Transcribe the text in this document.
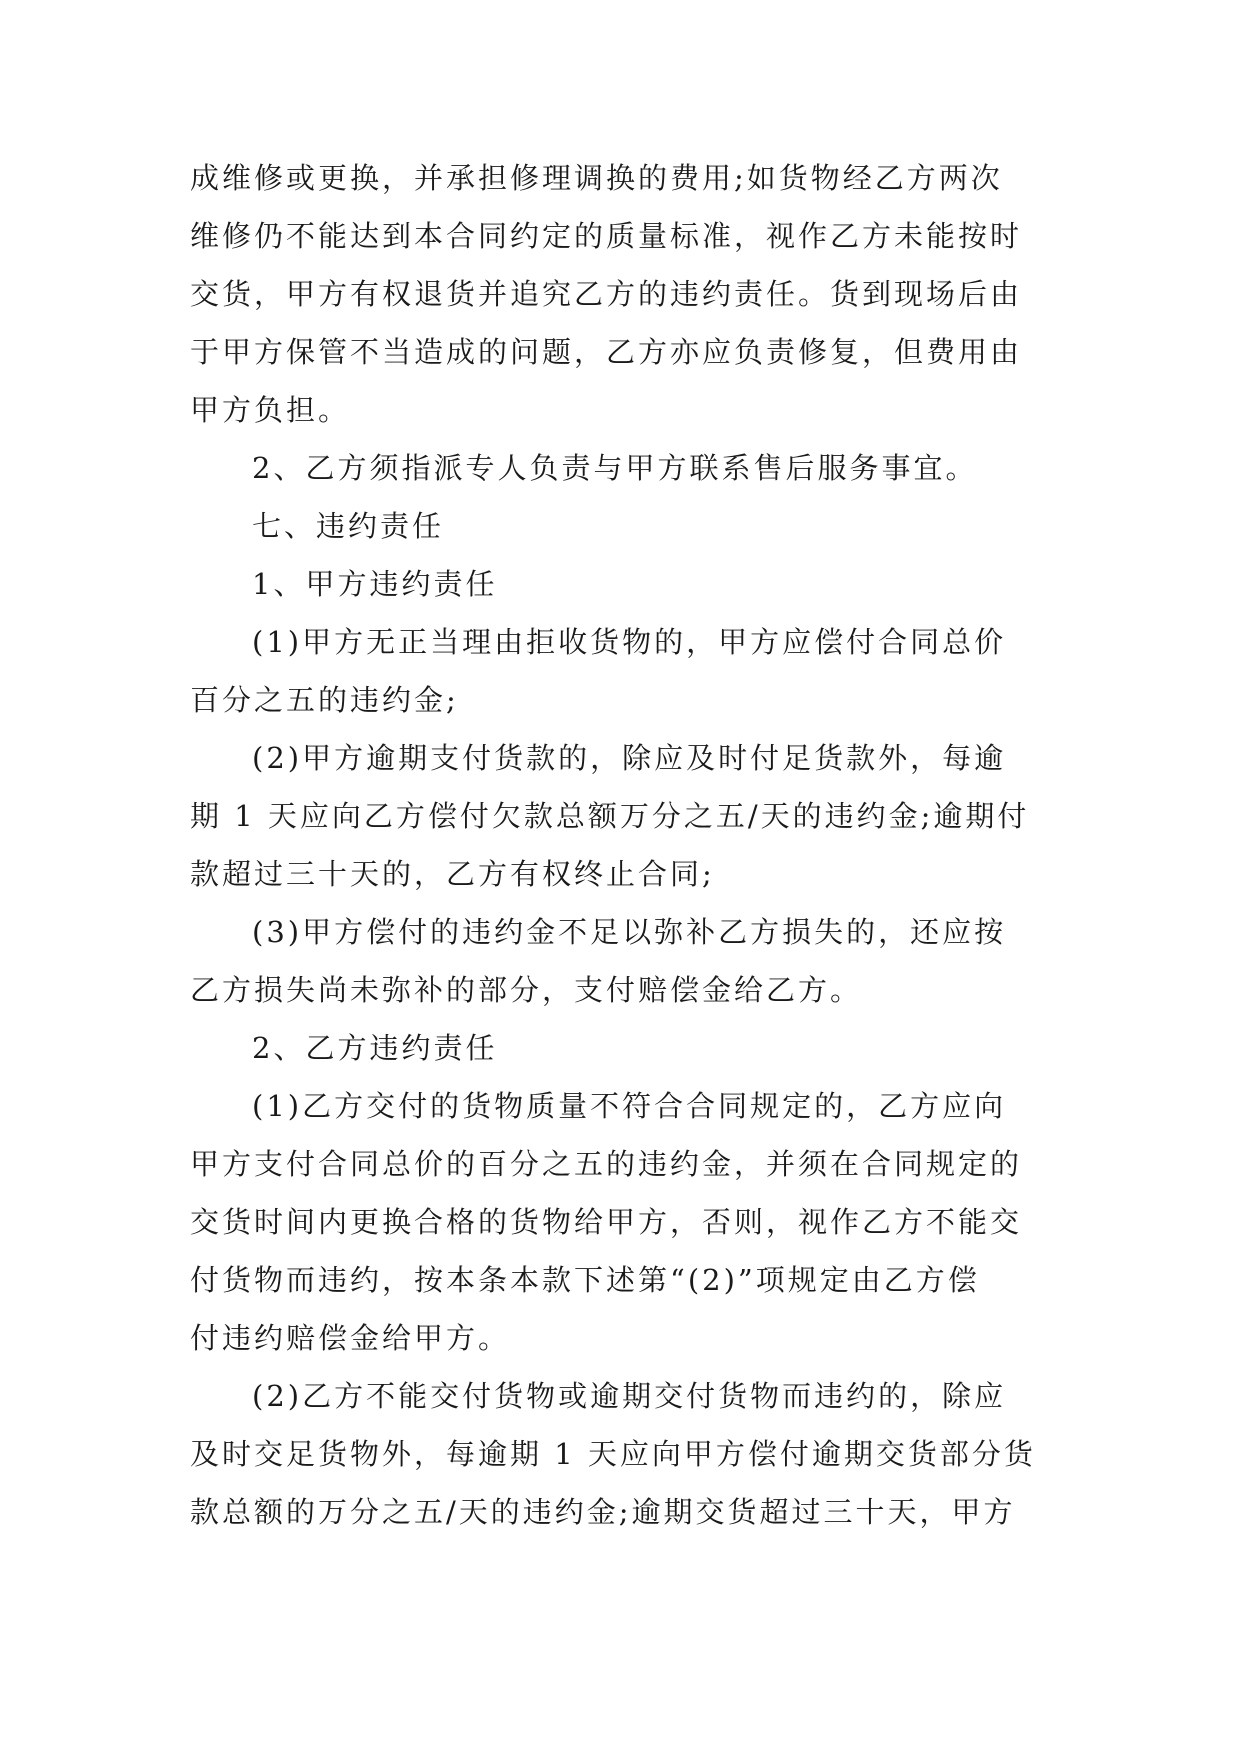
成维修或更换，并承担修理调换的费用;如货物经乙方两次
维修仍不能达到本合同约定的质量标准，视作乙方未能按时
交货，甲方有权退货并追究乙方的违约责任。货到现场后由
于甲方保管不当造成的问题，乙方亦应负责修复，但费用由
甲方负担。
2、乙方须指派专人负责与甲方联系售后服务事宜。
七、违约责任
1、甲方违约责任
(1)甲方无正当理由拒收货物的，甲方应偿付合同总价
百分之五的违约金;
(2)甲方逾期支付货款的，除应及时付足货款外，每逾
期 1 天应向乙方偿付欠款总额万分之五/天的违约金;逾期付
款超过三十天的，乙方有权终止合同;
(3)甲方偿付的违约金不足以弥补乙方损失的，还应按
乙方损失尚未弥补的部分，支付赔偿金给乙方。
2、乙方违约责任
(1)乙方交付的货物质量不符合合同规定的，乙方应向
甲方支付合同总价的百分之五的违约金，并须在合同规定的
交货时间内更换合格的货物给甲方，否则，视作乙方不能交
付货物而违约，按本条本款下述第“(2)”项规定由乙方偿
付违约赔偿金给甲方。
(2)乙方不能交付货物或逾期交付货物而违约的，除应
及时交足货物外，每逾期 1 天应向甲方偿付逾期交货部分货
款总额的万分之五/天的违约金;逾期交货超过三十天，甲方
